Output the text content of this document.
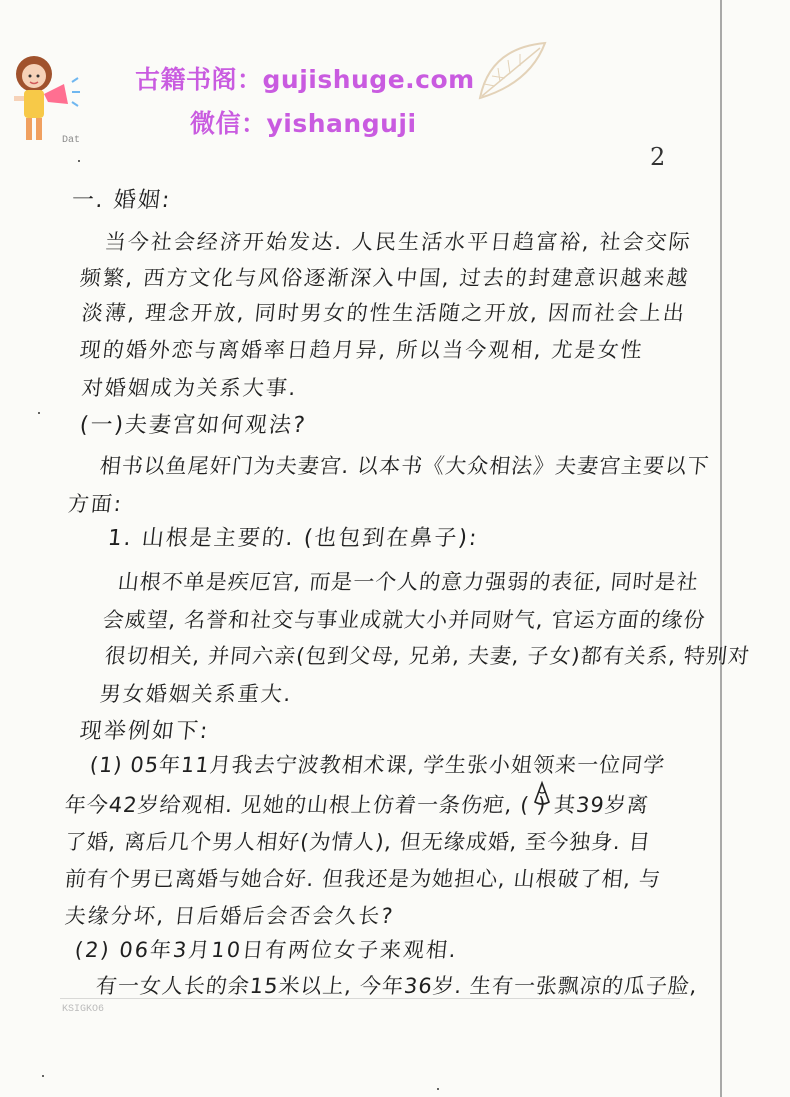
古籍书阁：gujishuge.com
微信：yishanguji
Dat
2
一. 婚姻:
当今社会经济开始发达. 人民生活水平日趋富裕, 社会交际
频繁, 西方文化与风俗逐渐深入中国, 过去的封建意识越来越
淡薄, 理念开放, 同时男女的性生活随之开放, 因而社会上出
现的婚外恋与离婚率日趋月异, 所以当今观相, 尤是女性
对婚姻成为关系大事.
(一)夫妻宫如何观法?
相书以鱼尾奸门为夫妻宫. 以本书《大众相法》夫妻宫主要以下
方面:
1. 山根是主要的. (也包到在鼻子):
山根不单是疾厄宫, 而是一个人的意力强弱的表征, 同时是社
会威望, 名誉和社交与事业成就大小并同财气, 官运方面的缘份
很切相关, 并同六亲(包到父母, 兄弟, 夫妻, 子女)都有关系, 特别对
男女婚姻关系重大.
现举例如下:
(1) 05年11月我去宁波教相术课, 学生张小姐领来一位同学
年今42岁给观相. 见她的山根上仿着一条伤疤, ( ) 其39岁离
了婚, 离后几个男人相好(为情人), 但无缘成婚, 至今独身. 目
前有个男已离婚与她合好. 但我还是为她担心, 山根破了相, 与
夫缘分坏, 日后婚后会否会久长?
(2) 06年3月10日有两位女子来观相.
有一女人长的余15米以上, 今年36岁. 生有一张飘凉的瓜子脸,
KSIGKO6
